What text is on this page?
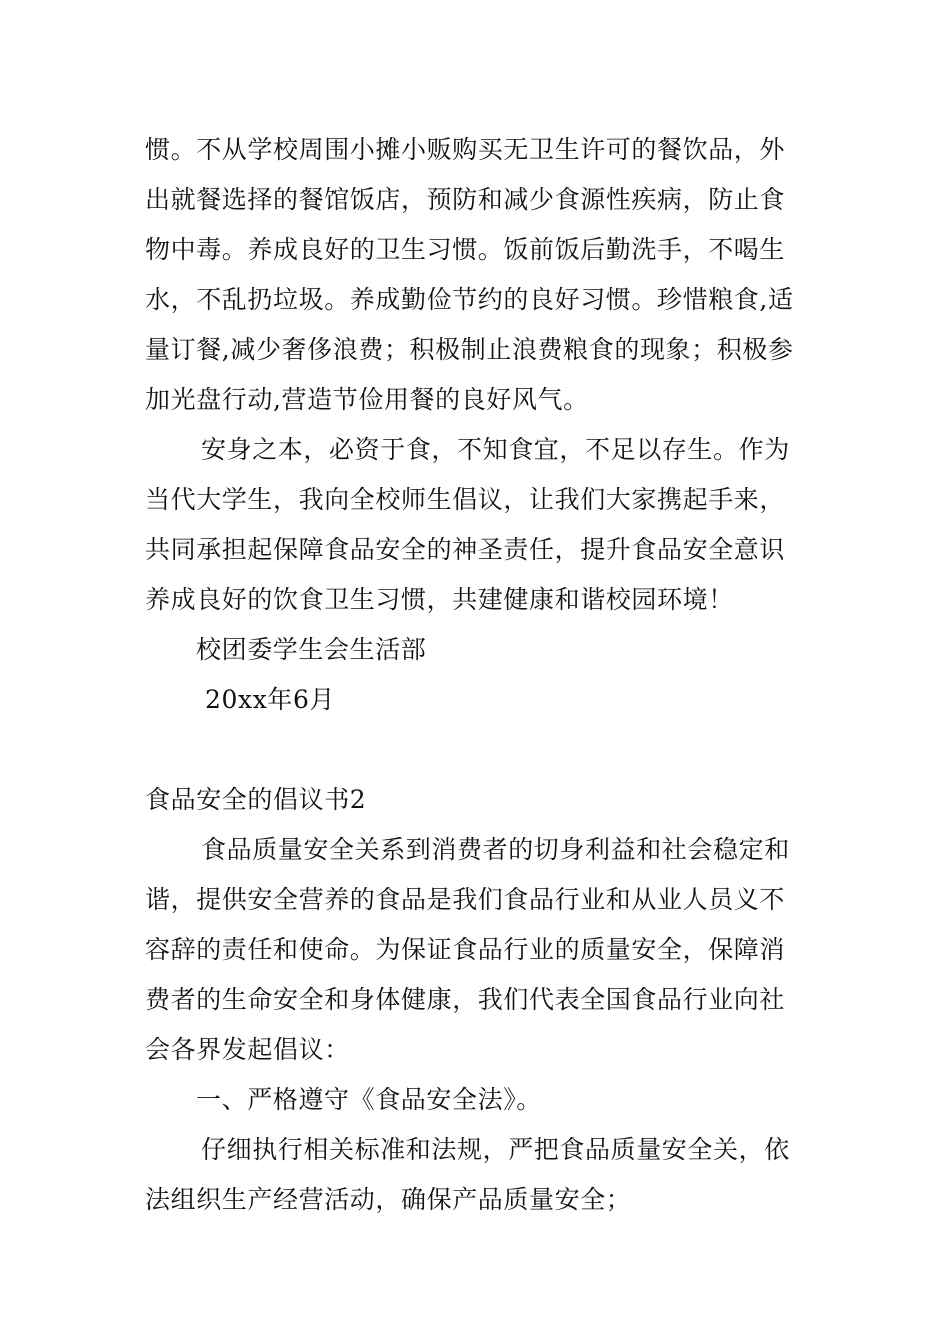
惯。不从学校周围小摊小贩购买无卫生许可的餐饮品，外
出就餐选择的餐馆饭店，预防和减少食源性疾病，防止食
物中毒。养成良好的卫生习惯。饭前饭后勤洗手，不喝生
水，不乱扔垃圾。养成勤俭节约的良好习惯。珍惜粮食,适
量订餐,减少奢侈浪费；积极制止浪费粮食的现象；积极参
加光盘行动,营造节俭用餐的良好风气。
安身之本，必资于食，不知食宜，不足以存生。作为
当代大学生，我向全校师生倡议，让我们大家携起手来，
共同承担起保障食品安全的神圣责任，提升食品安全意识
养成良好的饮食卫生习惯，共建健康和谐校园环境！
校团委学生会生活部
20xx年6月
食品安全的倡议书2
食品质量安全关系到消费者的切身利益和社会稳定和
谐，提供安全营养的食品是我们食品行业和从业人员义不
容辞的责任和使命。为保证食品行业的质量安全，保障消
费者的生命安全和身体健康，我们代表全国食品行业向社
会各界发起倡议：
一、严格遵守《食品安全法》。
仔细执行相关标准和法规，严把食品质量安全关，依
法组织生产经营活动，确保产品质量安全；
